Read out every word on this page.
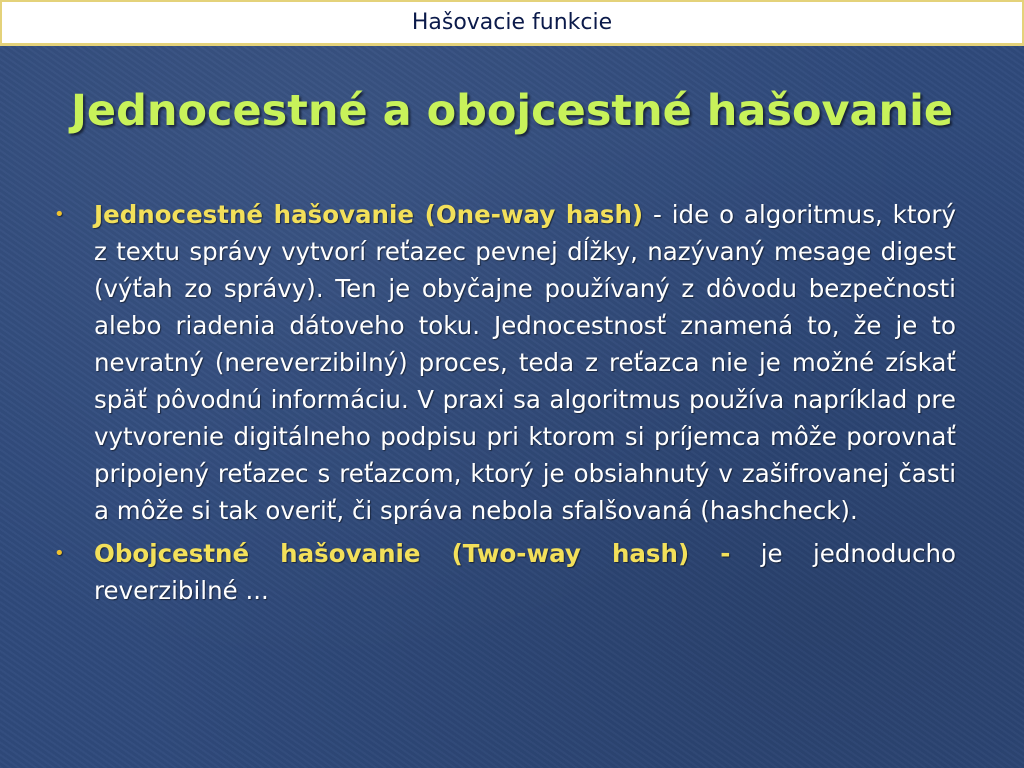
Hašovacie funkcie
Jednocestné a obojcestné hašovanie
• Jednocestné hašovanie (One-way hash) - ide o algoritmus, ktorý z textu správy vytvorí reťazec pevnej dĺžky, nazývaný mesage digest (výťah zo správy). Ten je obyčajne používaný z dôvodu bezpečnosti alebo riadenia dátoveho toku. Jednocestnosť znamená to, že je to nevratný (nereverzibilný) proces, teda z reťazca nie je možné získať späť pôvodnú informáciu. V praxi sa algoritmus používa napríklad pre vytvorenie digitálneho podpisu pri ktorom si príjemca môže porovnať pripojený reťazec s reťazcom, ktorý je obsiahnutý v zašifrovanej časti a môže si tak overiť, či správa nebola sfalšovaná (hashcheck).
• Obojcestné hašovanie (Two-way hash) - je jednoducho reverzibilné ...
